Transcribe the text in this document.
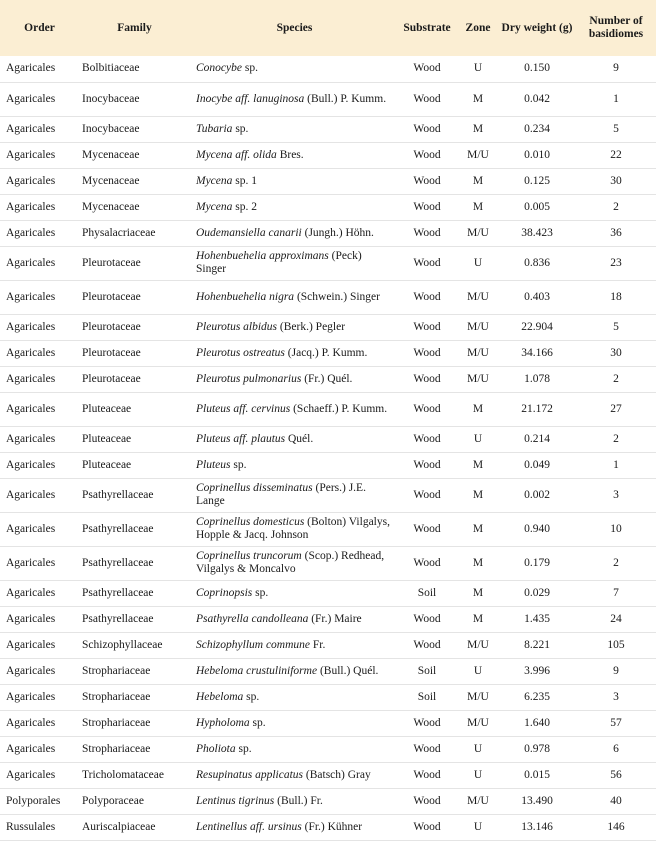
Order	Family	Species	Substrate	Zone	Dry weight (g)	Number of basidiomes
Agaricales	Bolbitiaceae	Conocybe sp.	Wood	U	0.150	9
Agaricales	Inocybaceae	Inocybe aff. lanuginosa (Bull.) P. Kumm.	Wood	M	0.042	1
Agaricales	Inocybaceae	Tubaria sp.	Wood	M	0.234	5
Agaricales	Mycenaceae	Mycena aff. olida Bres.	Wood	M/U	0.010	22
Agaricales	Mycenaceae	Mycena sp. 1	Wood	M	0.125	30
Agaricales	Mycenaceae	Mycena sp. 2	Wood	M	0.005	2
Agaricales	Physalacriaceae	Oudemansiella canarii (Jungh.) Höhn.	Wood	M/U	38.423	36
Agaricales	Pleurotaceae	Hohenbuehelia approximans (Peck) Singer	Wood	U	0.836	23
Agaricales	Pleurotaceae	Hohenbuehelia nigra (Schwein.) Singer	Wood	M/U	0.403	18
Agaricales	Pleurotaceae	Pleurotus albidus (Berk.) Pegler	Wood	M/U	22.904	5
Agaricales	Pleurotaceae	Pleurotus ostreatus (Jacq.) P. Kumm.	Wood	M/U	34.166	30
Agaricales	Pleurotaceae	Pleurotus pulmonarius (Fr.) Quél.	Wood	M/U	1.078	2
Agaricales	Pluteaceae	Pluteus aff. cervinus (Schaeff.) P. Kumm.	Wood	M	21.172	27
Agaricales	Pluteaceae	Pluteus aff. plautus Quél.	Wood	U	0.214	2
Agaricales	Pluteaceae	Pluteus sp.	Wood	M	0.049	1
Agaricales	Psathyrellaceae	Coprinellus disseminatus (Pers.) J.E. Lange	Wood	M	0.002	3
Agaricales	Psathyrellaceae	Coprinellus domesticus (Bolton) Vilgalys, Hopple & Jacq. Johnson	Wood	M	0.940	10
Agaricales	Psathyrellaceae	Coprinellus truncorum (Scop.) Redhead, Vilgalys & Moncalvo	Wood	M	0.179	2
Agaricales	Psathyrellaceae	Coprinopsis sp.	Soil	M	0.029	7
Agaricales	Psathyrellaceae	Psathyrella candolleana (Fr.) Maire	Wood	M	1.435	24
Agaricales	Schizophyllaceae	Schizophyllum commune Fr.	Wood	M/U	8.221	105
Agaricales	Strophariaceae	Hebeloma crustuliniforme (Bull.) Quél.	Soil	U	3.996	9
Agaricales	Strophariaceae	Hebeloma sp.	Soil	M/U	6.235	3
Agaricales	Strophariaceae	Hypholoma sp.	Wood	M/U	1.640	57
Agaricales	Strophariaceae	Pholiota sp.	Wood	U	0.978	6
Agaricales	Tricholomataceae	Resupinatus applicatus (Batsch) Gray	Wood	U	0.015	56
Polyporales	Polyporaceae	Lentinus tigrinus (Bull.) Fr.	Wood	M/U	13.490	40
Russulales	Auriscalpiaceae	Lentinellus aff. ursinus (Fr.) Kühner	Wood	U	13.146	146
